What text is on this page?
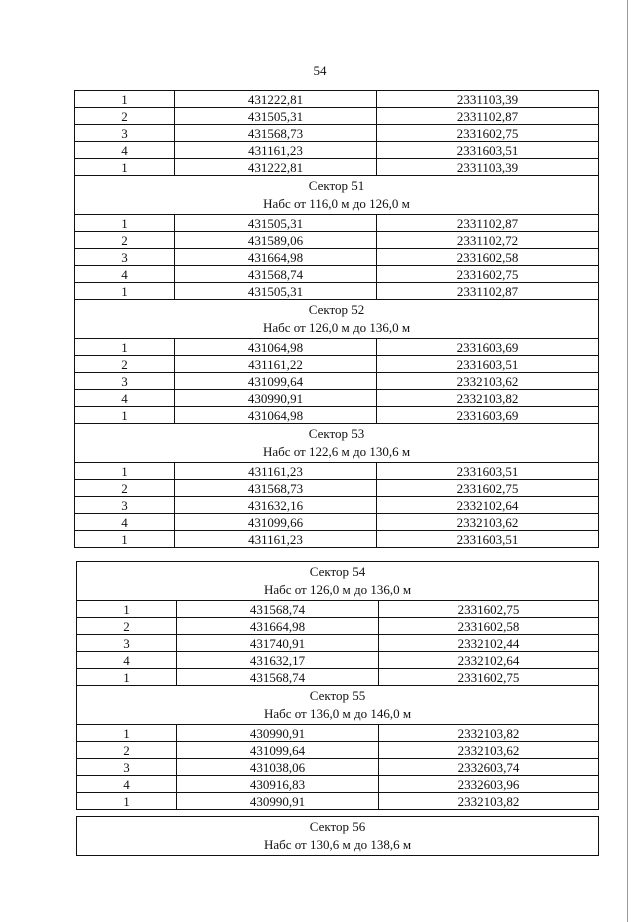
54
1	431222,81	2331103,39
2	431505,31	2331102,87
3	431568,73	2331602,75
4	431161,23	2331603,51
1	431222,81	2331103,39

Сектор 51
Набс от 116,0 м до 126,0 м		

1	431505,31	2331102,87
2	431589,06	2331102,72
3	431664,98	2331602,58
4	431568,74	2331602,75
1	431505,31	2331102,87

Сектор 52
Набс от 126,0 м до 136,0 м		

1	431064,98	2331603,69
2	431161,22	2331603,51
3	431099,64	2332103,62
4	430990,91	2332103,82
1	431064,98	2331603,69

Сектор 53
Набс от 122,6 м до 130,6 м		

1	431161,23	2331603,51
2	431568,73	2331602,75
3	431632,16	2332102,64
4	431099,66	2332103,62
1	431161,23	2331603,51
Сектор 54
Набс от 126,0 м до 136,0 м		

1	431568,74	2331602,75
2	431664,98	2331602,58
3	431740,91	2332102,44
4	431632,17	2332102,64
1	431568,74	2331602,75

Сектор 55
Набс от 136,0 м до 146,0 м		

1	430990,91	2332103,82
2	431099,64	2332103,62
3	431038,06	2332603,74
4	430916,83	2332603,96
1	430990,91	2332103,82
Сектор 56
Набс от 130,6 м до 138,6 м
